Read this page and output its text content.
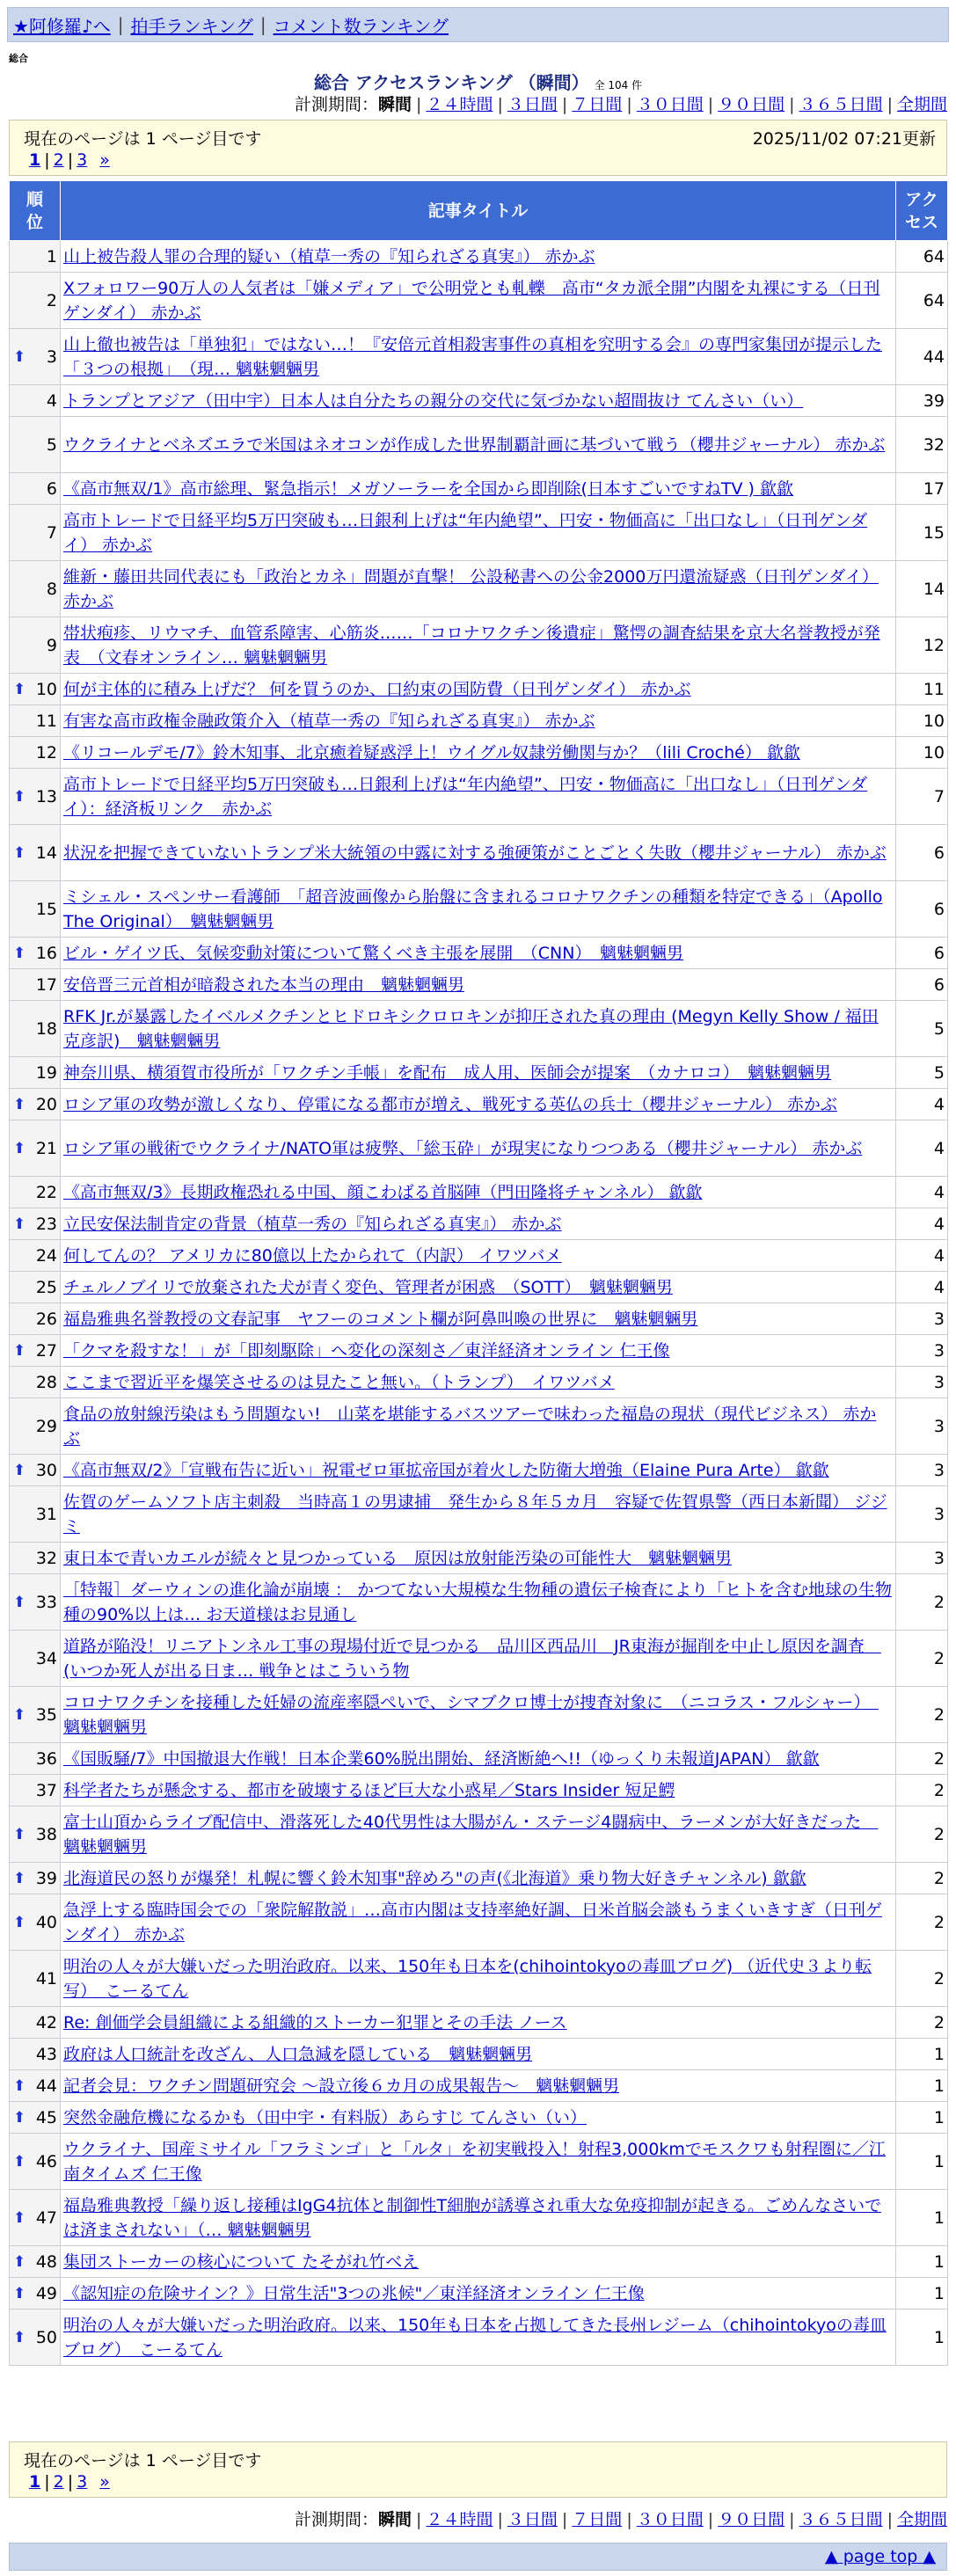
★阿修羅♪へ | 拍手ランキング | コメント数ランキング
総合
総合 アクセスランキング （瞬間） 全 104 件
計測期間：瞬間 | ２４時間 | ３日間 | ７日間 | ３０日間 | ９０日間 | ３６５日間 | 全期間
現在のページは 1 ページ目です	2025/11/02 07:21更新
1 | 2 | 3 »
順位	記事タイトル	アクセス
1	山上被告殺人罪の合理的疑い（植草一秀の『知られざる真実』） 赤かぶ	64
2	Xフォロワー90万人の人気者は「嫌メディア」で公明党とも軋轢　高市“タカ派全開”内閣を丸裸にする（日刊ゲンダイ） 赤かぶ	64

⬆ 3	山上徹也被告は「単独犯」ではない…！『安倍元首相殺害事件の真相を究明する会』の専門家集団が提示した「３つの根拠」　（現… 魑魅魍魎男	44
4	トランプとアジア（田中宇）日本人は自分たちの親分の交代に気づかない超間抜け てんさい（い）	39
5	ウクライナとベネズエラで米国はネオコンが作成した世界制覇計画に基づいて戦う（櫻井ジャーナル） 赤かぶ	32
6	《高市無双/1》高市総理、緊急指示！メガソーラーを全国から即削除(日本すごいですねTV ) 歙歙	17
7	高市トレードで日経平均5万円突破も…日銀利上げは“年内絶望”、円安・物価高に「出口なし」（日刊ゲンダイ） 赤かぶ	15
8	維新・藤田共同代表にも「政治とカネ」問題が直撃！ 公設秘書への公金2000万円還流疑惑（日刊ゲンダイ） 赤かぶ	14
9	帯状疱疹、リウマチ、血管系障害、心筋炎……「コロナワクチン後遺症」驚愕の調査結果を京大名誉教授が発表　（文春オンライン… 魑魅魍魎男	12

⬆ 10	何が主体的に積み上げだ？ 何を買うのか、口約束の国防費（日刊ゲンダイ） 赤かぶ	11
11	有害な高市政権金融政策介入（植草一秀の『知られざる真実』） 赤かぶ	10
12	《リコールデモ/7》鈴木知事、北京癒着疑惑浮上！ウイグル奴隷労働関与か？（lili Croché） 歙歙	10

⬆ 13	高市トレードで日経平均5万円突破も…日銀利上げは“年内絶望”、円安・物価高に「出口なし」（日刊ゲンダイ）：経済板リンク　赤かぶ	7

⬆ 14	状況を把握できていないトランプ米大統領の中露に対する強硬策がことごとく失敗（櫻井ジャーナル） 赤かぶ	6
15	ミシェル・スペンサー看護師　「超音波画像から胎盤に含まれるコロナワクチンの種類を特定できる」（Apollo The Original）　魑魅魍魎男	6

⬆ 16	ビル・ゲイツ氏、気候変動対策について驚くべき主張を展開　（CNN）　魑魅魍魎男	6
17	安倍晋三元首相が暗殺された本当の理由　魑魅魍魎男	6
18	RFK Jr.が暴露したイベルメクチンとヒドロキシクロロキンが抑圧された真の理由 (Megyn Kelly Show / 福田 克彦訳)　魑魅魍魎男	5
19	神奈川県、横須賀市役所が「ワクチン手帳」を配布　成人用、医師会が提案　（カナロコ）　魑魅魍魎男	5

⬆ 20	ロシア軍の攻勢が激しくなり、停電になる都市が増え、戦死する英仏の兵士（櫻井ジャーナル） 赤かぶ	4

⬆ 21	ロシア軍の戦術でウクライナ/NATO軍は疲弊、「総玉砕」が現実になりつつある（櫻井ジャーナル） 赤かぶ	4
22	《高市無双/3》長期政権恐れる中国、顔こわばる首脳陣（門田隆将チャンネル） 歙歙	4

⬆ 23	立民安保法制肯定の背景（植草一秀の『知られざる真実』） 赤かぶ	4
24	何してんの？ アメリカに80億以上たかられて（内訳） イワツバメ	4
25	チェルノブイリで放棄された犬が青く変色、管理者が困惑　（SOTT）　魑魅魍魎男	4
26	福島雅典名誉教授の文春記事　ヤフーのコメント欄が阿鼻叫喚の世界に　魑魅魍魎男	3

⬆ 27	「クマを殺すな！」が「即刻駆除」へ変化の深刻さ／東洋経済オンライン 仁王像	3
28	ここまで習近平を爆笑させるのは見たこと無い。（トランプ）　イワツバメ	3
29	食品の放射線汚染はもう問題ない!　山菜を堪能するバスツアーで味わった福島の現状（現代ビジネス） 赤かぶ	3

⬆ 30	《高市無双/2》「宣戦布告に近い」祝電ゼロ軍拡帝国が着火した防衛大増強（Elaine Pura Arte） 歙歙	3
31	佐賀のゲームソフト店主刺殺　当時高１の男逮捕　発生から８年５カ月　容疑で佐賀県警（西日本新聞） ジジミ	3
32	東日本で青いカエルが続々と見つかっている　原因は放射能汚染の可能性大　魑魅魍魎男	3

⬆ 33	［特報］ダーウィンの進化論が崩壊 ： かつてない大規模な生物種の遺伝子検査により「ヒトを含む地球の生物種の90%以上は… お天道様はお見通し	2
34	道路が陥没！リニアトンネル工事の現場付近で見つかる　品川区西品川　JR東海が掘削を中止し原因を調査　(いつか死人が出る日ま… 戦争とはこういう物	2

⬆ 35	コロナワクチンを接種した妊婦の流産率隠ぺいで、シマブクロ博士が捜査対象に　（ニコラス・フルシャー）　魑魅魍魎男	2
36	《国販騒/7》中国撤退大作戦！日本企業60%脱出開始、経済断絶へ!!（ゆっくり未報道JAPAN） 歙歙	2
37	科学者たちが懸念する、都市を破壊するほど巨大な小惑星／Stars Insider 短足鰐	2

⬆ 38	富士山頂からライブ配信中、滑落死した40代男性は大腸がん・ステージ4闘病中、ラーメンが大好きだった　魑魅魍魎男	2

⬆ 39	北海道民の怒りが爆発！札幌に響く鈴木知事"辞めろ"の声(《北海道》乗り物大好きチャンネル) 歙歙	2

⬆ 40	急浮上する臨時国会での「衆院解散説」…高市内閣は支持率絶好調、日米首脳会談もうまくいきすぎ（日刊ゲンダイ） 赤かぶ	2
41	明治の人々が大嫌いだった明治政府。以来、150年も日本を(chihointokyoの毒皿ブログ) （近代史３より転写）　こーるてん	2
42	Re: 創価学会員組織による組織的ストーカー犯罪とその手法 ノース	2
43	政府は人口統計を改ざん、人口急減を隠している　魑魅魍魎男	1

⬆ 44	記者会見：ワクチン問題研究会 ～設立後６カ月の成果報告～　魑魅魍魎男	1

⬆ 45	突然金融危機になるかも（田中宇・有料版）あらすじ てんさい（い）	1

⬆ 46	ウクライナ、国産ミサイル「フラミンゴ」と「ルタ」を初実戦投入！射程3,000kmでモスクワも射程圏に／江南タイムズ 仁王像	1

⬆ 47	福島雅典教授「繰り返し接種はIgG4抗体と制御性T細胞が誘導され重大な免疫抑制が起きる。ごめんなさいでは済まされない」（… 魑魅魍魎男	1

⬆ 48	集団ストーカーの核心について たそがれ竹べえ	1

⬆ 49	《認知症の危険サイン？》日常生活"3つの兆候"／東洋経済オンライン 仁王像	1

⬆ 50	明治の人々が大嫌いだった明治政府。以来、150年も日本を占拠してきた長州レジーム（chihointokyoの毒皿ブログ）　こーるてん	1
現在のページは 1 ページ目です
1 | 2 | 3 »
計測期間：瞬間 | ２４時間 | ３日間 | ７日間 | ３０日間 | ９０日間 | ３６５日間 | 全期間
▲ page top ▲
